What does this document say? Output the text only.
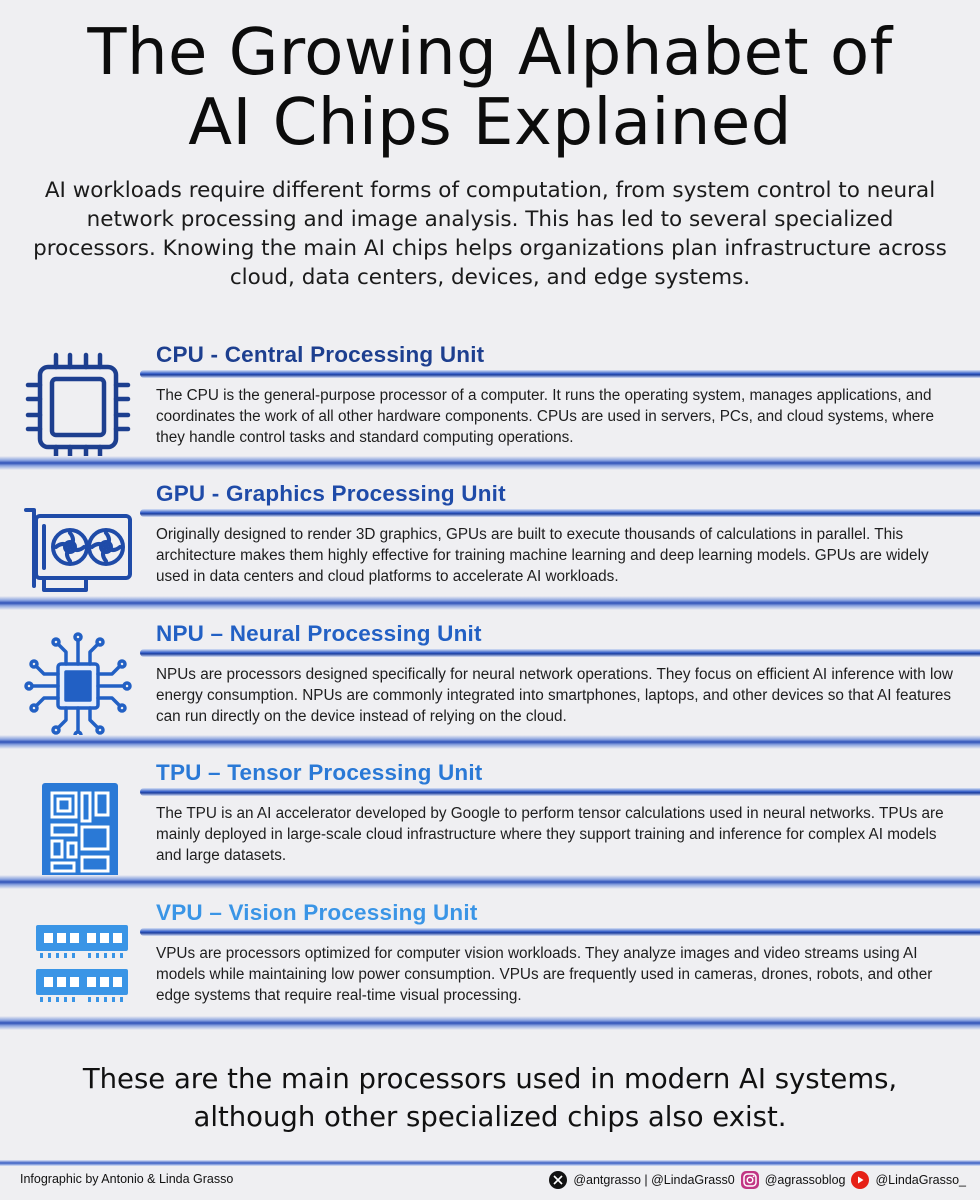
The Growing Alphabet of
AI Chips Explained

AI workloads require different forms of computation, from system control to neural network processing and image analysis. This has led to several specialized processors. Knowing the main AI chips helps organizations plan infrastructure across cloud, data centers, devices, and edge systems.

CPU - Central Processing Unit

The CPU is the general-purpose processor of a computer. It runs the operating system, manages applications, and coordinates the work of all other hardware components. CPUs are used in servers, PCs, and cloud systems, where they handle control tasks and standard computing operations.

GPU - Graphics Processing Unit

Originally designed to render 3D graphics, GPUs are built to execute thousands of calculations in parallel. This architecture makes them highly effective for training machine learning and deep learning models. GPUs are widely used in data centers and cloud platforms to accelerate AI workloads.

NPU – Neural Processing Unit

NPUs are processors designed specifically for neural network operations. They focus on efficient AI inference with low energy consumption. NPUs are commonly integrated into smartphones, laptops, and other devices so that AI features can run directly on the device instead of relying on the cloud.

TPU – Tensor Processing Unit

The TPU is an AI accelerator developed by Google to perform tensor calculations used in neural networks. TPUs are mainly deployed in large-scale cloud infrastructure where they support training and inference for complex AI models and large datasets.

VPU – Vision Processing Unit

VPUs are processors optimized for computer vision workloads. They analyze images and video streams using AI models while maintaining low power consumption. VPUs are frequently used in cameras, drones, robots, and other edge systems that require real-time visual processing.

These are the main processors used in modern AI systems,
although other specialized chips also exist.

Infographic by Antonio & Linda Grasso	@antgrasso | @LindaGrass0 @agrassoblog @LindaGrasso_
